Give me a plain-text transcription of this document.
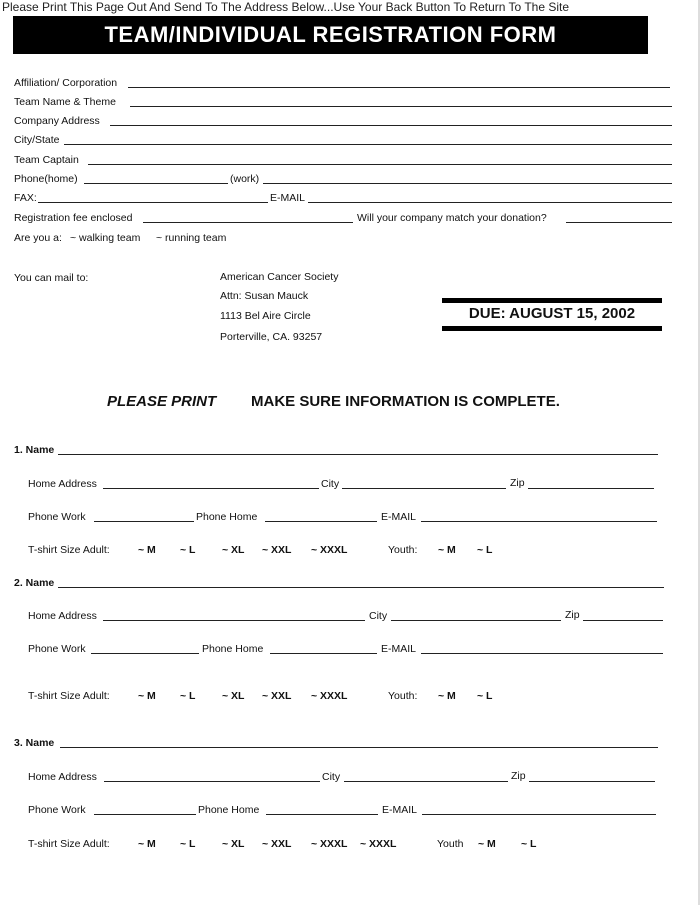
Please Print This Page Out And Send To The Address Below...Use Your Back Button To Return To The Site
TEAM/INDIVIDUAL REGISTRATION FORM
Affiliation/ Corporation
Team Name & Theme
Company Address
City/State
Team Captain
Phone(home)	(work)
FAX:	E-MAIL
Registration fee enclosed	Will your company match your donation?
Are you a: ~ walking team ~ running team
You can mail to:	American Cancer Society
Attn: Susan Mauck
1113 Bel Aire Circle
Porterville, CA. 93257
DUE: AUGUST 15, 2002
PLEASE PRINT MAKE SURE INFORMATION IS COMPLETE.
1. Name
Home Address	City	Zip
Phone Work	Phone Home	E-MAIL
T-shirt Size Adult:	~ M ~ L	~ XL ~ XXL ~ XXXL	Youth: ~ M ~ L
2. Name
Home Address	City	Zip
Phone Work	Phone Home	E-MAIL
T-shirt Size Adult:	~ M ~ L	~ XL ~ XXL ~ XXXL	Youth: ~ M ~ L
3. Name
Home Address	City	Zip
Phone Work	Phone Home	E-MAIL
T-shirt Size Adult:	~ M ~ L	~ XL ~ XXL ~ XXXL ~ XXXL	Youth ~ M ~ L
